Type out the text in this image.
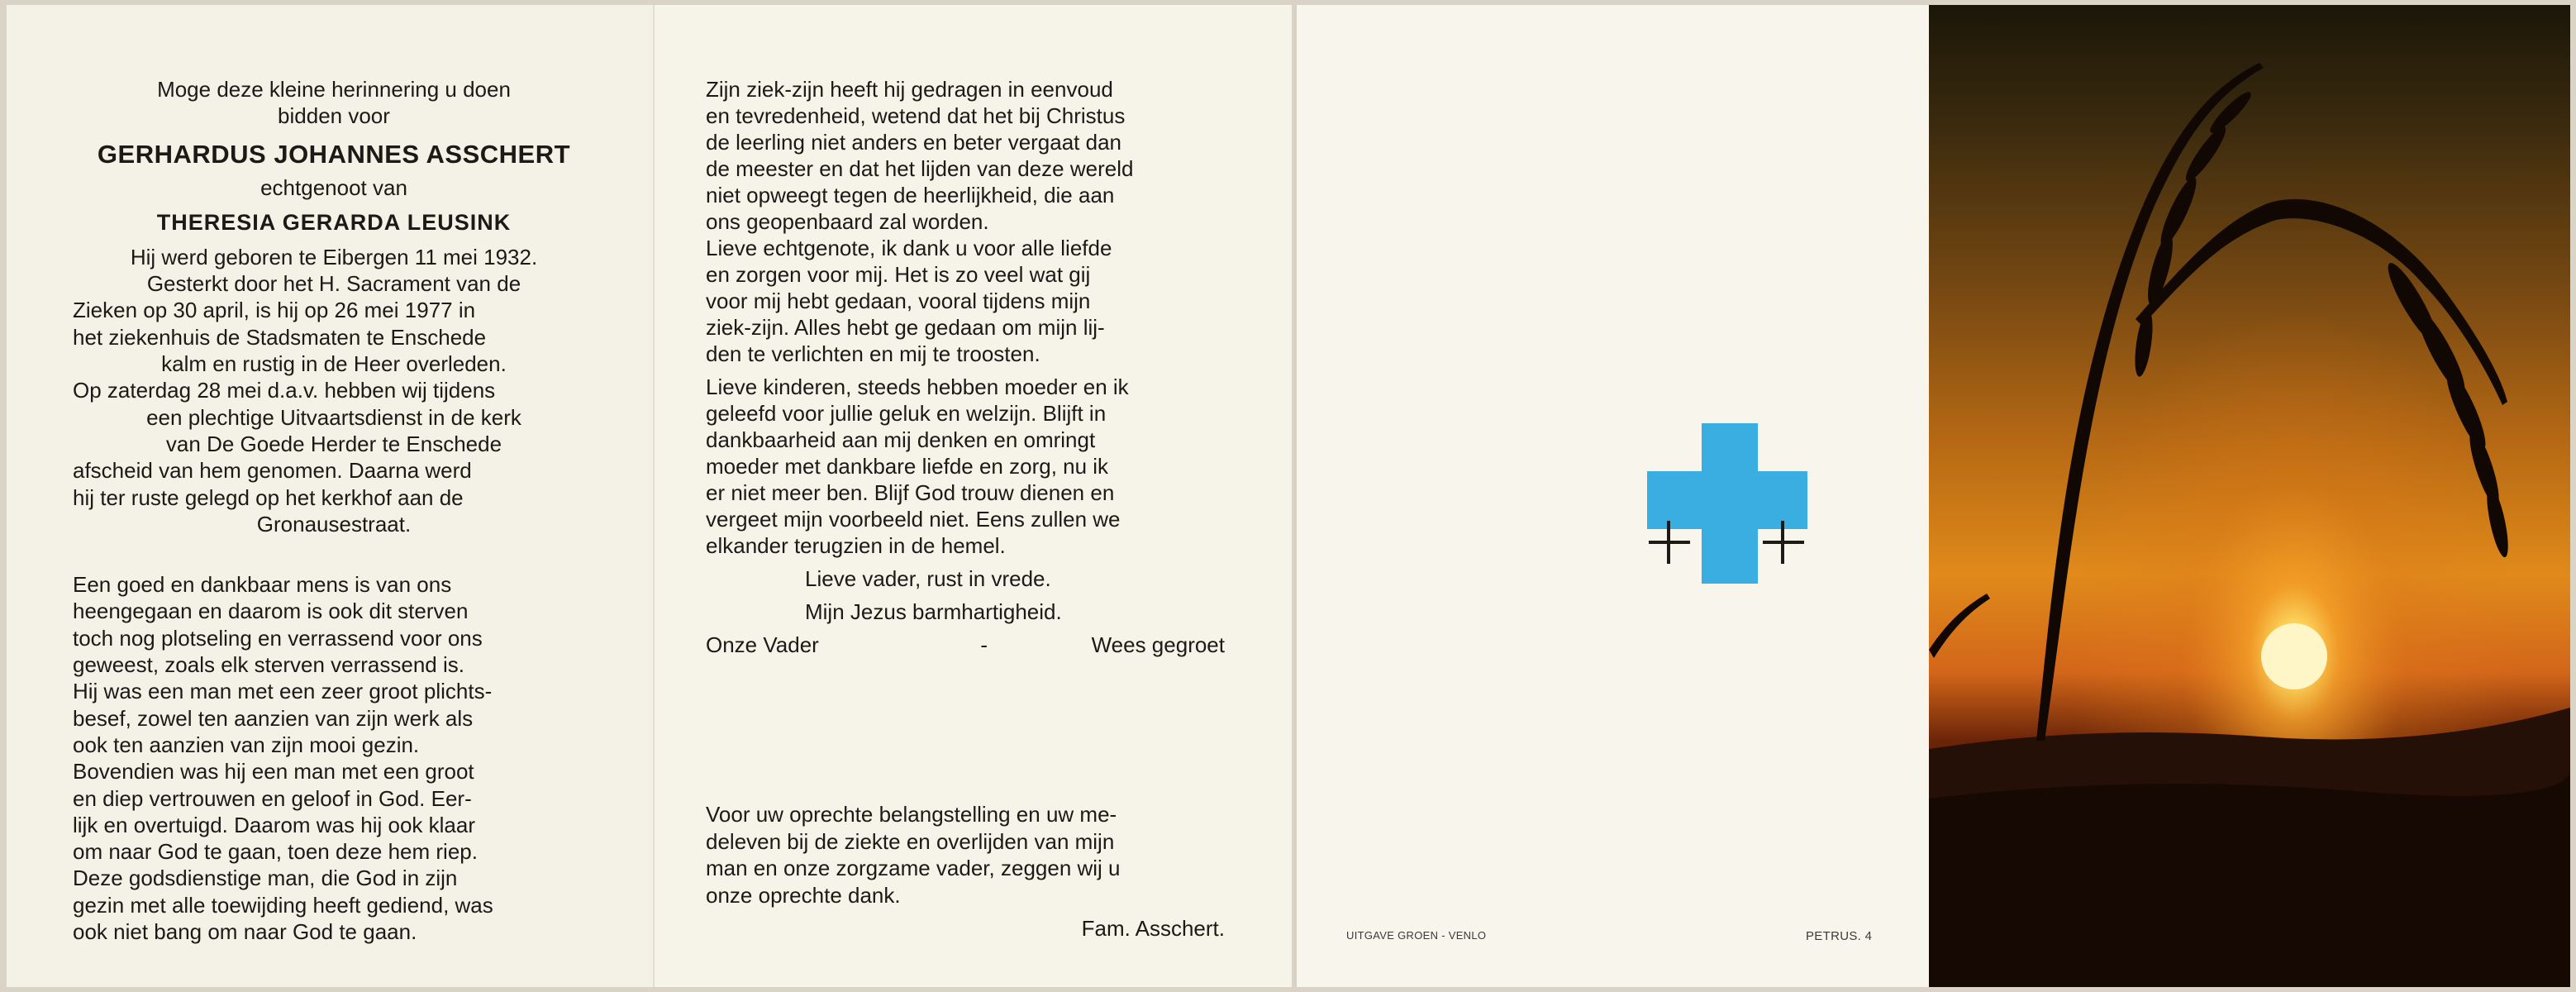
Moge deze kleine herinnering u doen bidden voor
GERHARDUS JOHANNES ASSCHERT
echtgenoot van
THERESIA GERARDA LEUSINK
Hij werd geboren te Eibergen 11 mei 1932.
Gesterkt door het H. Sacrament van de
Zieken op 30 april, is hij op 26 mei 1977 in
het ziekenhuis de Stadsmaten te Enschede
kalm en rustig in de Heer overleden.
Op zaterdag 28 mei d.a.v. hebben wij tijdens
een plechtige Uitvaartsdienst in de kerk
van De Goede Herder te Enschede
afscheid van hem genomen. Daarna werd
hij ter ruste gelegd op het kerkhof aan de
Gronausestraat.
Een goed en dankbaar mens is van ons
heengegaan en daarom is ook dit sterven
toch nog plotseling en verrassend voor ons
geweest, zoals elk sterven verrassend is.
Hij was een man met een zeer groot plichts-
besef, zowel ten aanzien van zijn werk als
ook ten aanzien van zijn mooi gezin.
Bovendien was hij een man met een groot
en diep vertrouwen en geloof in God. Eer-
lijk en overtuigd. Daarom was hij ook klaar
om naar God te gaan, toen deze hem riep.
Deze godsdienstige man, die God in zijn
gezin met alle toewijding heeft gediend, was
ook niet bang om naar God te gaan.
Zijn ziek-zijn heeft hij gedragen in eenvoud
en tevredenheid, wetend dat het bij Christus
de leerling niet anders en beter vergaat dan
de meester en dat het lijden van deze wereld
niet opweegt tegen de heerlijkheid, die aan
ons geopenbaard zal worden.
Lieve echtgenote, ik dank u voor alle liefde
en zorgen voor mij. Het is zo veel wat gij
voor mij hebt gedaan, vooral tijdens mijn
ziek-zijn. Alles hebt ge gedaan om mijn lij-
den te verlichten en mij te troosten.
Lieve kinderen, steeds hebben moeder en ik
geleefd voor jullie geluk en welzijn. Blijft in
dankbaarheid aan mij denken en omringt
moeder met dankbare liefde en zorg, nu ik
er niet meer ben. Blijf God trouw dienen en
vergeet mijn voorbeeld niet. Eens zullen we
elkander terugzien in de hemel.
Lieve vader, rust in vrede.
Mijn Jezus barmhartigheid.
Onze Vader	-	Wees gegroet
Voor uw oprechte belangstelling en uw me-
deleven bij de ziekte en overlijden van mijn
man en onze zorgzame vader, zeggen wij u
onze oprechte dank.
Fam. Asschert.	UITGAVE GROEN - VENLO	PETRUS. 4
